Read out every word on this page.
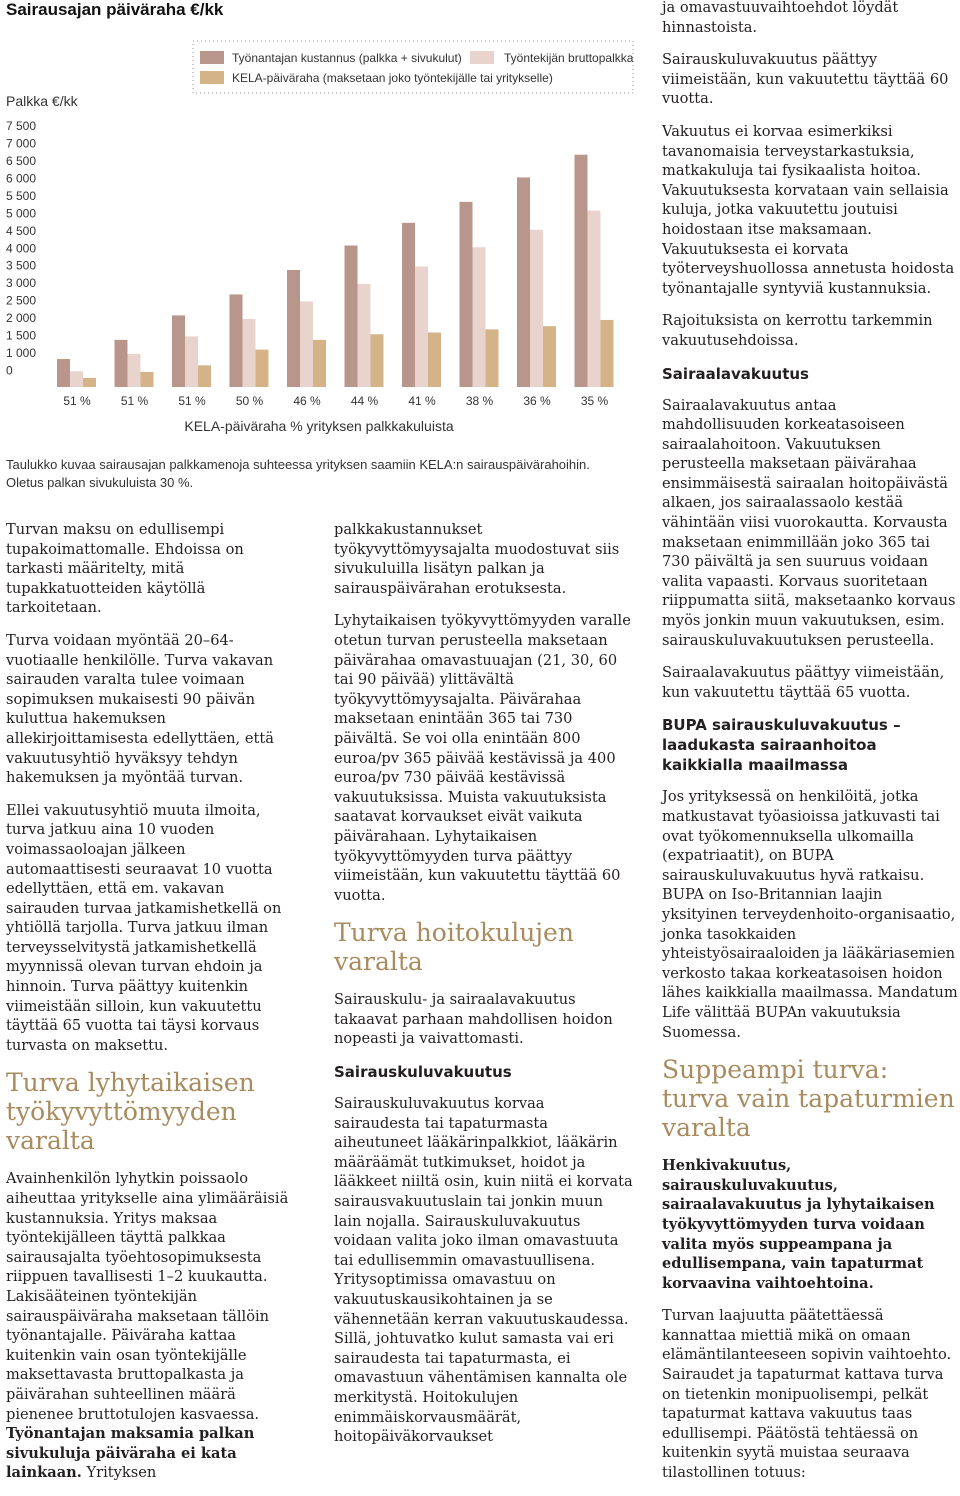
Sairausajan päiväraha €/kk
Työnantajan kustannus (palkka + sivukulut)	Työntekijän bruttopalkka
KELA-päiväraha (maksetaan joko työntekijälle tai yritykselle)
Palkka €/kk
7 500
7 000
6 500
6 000
5 500
5 000
4 500
4 000
3 500
3 000
2 500
2 000
1 500
1 000
0
51 %	51 %	51 %	50 %	46 %	44 %	41 %	38 %	36 %	35 %
KELA-päiväraha % yrityksen palkkakuluista
Taulukko kuvaa sairausajan palkkamenoja suhteessa yrityksen saamiin KELA:n sairauspäivärahoihin.
Oletus palkan sivukuluista 30 %.

Turvan maksu on edullisempi tupakoimattomalle. Ehdoissa on tarkasti määritelty, mitä tupakkatuotteiden käytöllä tarkoitetaan.

Turva voidaan myöntää 20–64-vuotiaalle henkilölle. Turva vakavan sairauden varalta tulee voimaan sopimuksen mukaisesti 90 päivän kuluttua hakemuksen allekirjoittamisesta edellyttäen, että vakuutusyhtiö hyväksyy tehdyn hakemuksen ja myöntää turvan.

Ellei vakuutusyhtiö muuta ilmoita, turva jatkuu aina 10 vuoden voimassaoloajan jälkeen automaattisesti seuraavat 10 vuotta edellyttäen, että em. vakavan sairauden turvaa jatkamishetkellä on yhtiöllä tarjolla. Turva jatkuu ilman terveysselvitystä jatkamishetkellä myynnissä olevan turvan ehdoin ja hinnoin. Turva päättyy kuitenkin viimeistään silloin, kun vakuutettu täyttää 65 vuotta tai täysi korvaus turvasta on maksettu.

Turva lyhytaikaisen työkyvyttömyyden varalta

Avainhenkilön lyhytkin poissaolo aiheuttaa yritykselle aina ylimääräisiä kustannuksia. Yritys maksaa työntekijälleen täyttä palkkaa sairausajalta työehtosopimuksesta riippuen tavallisesti 1–2 kuukautta. Lakisääteinen työntekijän sairauspäiväraha maksetaan tällöin työnantajalle. Päiväraha kattaa kuitenkin vain osan työntekijälle maksettavasta bruttopalkasta ja päivärahan suhteellinen määrä pienenee bruttotulojen kasvaessa. Työnantajan maksamia palkan sivukuluja päiväraha ei kata lainkaan. Yrityksen

palkkakustannukset työkyvyttömyysajalta muodostuvat siis sivukuluilla lisätyn palkan ja sairauspäivärahan erotuksesta.

Lyhytaikaisen työkyvyttömyyden varalle otetun turvan perusteella maksetaan päivärahaa omavastuuajan (21, 30, 60 tai 90 päivää) ylittävältä työkyvyttömyysajalta. Päivärahaa maksetaan enintään 365 tai 730 päivältä. Se voi olla enintään 800 euroa/pv 365 päivää kestävissä ja 400 euroa/pv 730 päivää kestävissä vakuutuksissa. Muista vakuutuksista saatavat korvaukset eivät vaikuta päivärahaan. Lyhytaikaisen työkyvyttömyyden turva päättyy viimeistään, kun vakuutettu täyttää 60 vuotta.

Turva hoitokulujen varalta

Sairauskulu- ja sairaalavakuutus takaavat parhaan mahdollisen hoidon nopeasti ja vaivattomasti.

Sairauskuluvakuutus

Sairauskuluvakuutus korvaa sairaudesta tai tapaturmasta aiheutuneet lääkärinpalkkiot, lääkärin määräämät tutkimukset, hoidot ja lääkkeet niiltä osin, kuin niitä ei korvata sairausvakuutuslain tai jonkin muun lain nojalla. Sairauskuluvakuutus voidaan valita joko ilman omavastuuta tai edullisemmin omavastuullisena. Yritysoptimissa omavastuu on vakuutuskausikohtainen ja se vähennetään kerran vakuutuskaudessa. Sillä, johtuvatko kulut samasta vai eri sairaudesta tai tapaturmasta, ei omavastuun vähentämisen kannalta ole merkitystä. Hoitokulujen enimmäiskorvausmäärät, hoitopäiväkorvaukset

ja omavastuuvaihtoehdot löydät hinnastoista.

Sairauskuluvakuutus päättyy viimeistään, kun vakuutettu täyttää 60 vuotta.

Vakuutus ei korvaa esimerkiksi tavanomaisia terveystarkastuksia, matkakuluja tai fysikaalista hoitoa. Vakuutuksesta korvataan vain sellaisia kuluja, jotka vakuutettu joutuisi hoidostaan itse maksamaan. Vakuutuksesta ei korvata työterveyshuollossa annetusta hoidosta työnantajalle syntyviä kustannuksia.

Rajoituksista on kerrottu tarkemmin vakuutusehdoissa.

Sairaalavakuutus

Sairaalavakuutus antaa mahdollisuuden korkeatasoiseen sairaalahoitoon. Vakuutuksen perusteella maksetaan päivärahaa ensimmäisestä sairaalan hoitopäivästä alkaen, jos sairaalassaolo kestää vähintään viisi vuorokautta. Korvausta maksetaan enimmillään joko 365 tai 730 päivältä ja sen suuruus voidaan valita vapaasti. Korvaus suoritetaan riippumatta siitä, maksetaanko korvaus myös jonkin muun vakuutuksen, esim. sairauskuluvakuutuksen perusteella.

Sairaalavakuutus päättyy viimeistään, kun vakuutettu täyttää 65 vuotta.

BUPA sairauskuluvakuutus – laadukasta sairaanhoitoa kaikkialla maailmassa

Jos yrityksessä on henkilöitä, jotka matkustavat työasioissa jatkuvasti tai ovat työkomennuksella ulkomailla (expatriaatit), on BUPA sairauskuluvakuutus hyvä ratkaisu. BUPA on Iso-Britannian laajin yksityinen terveydenhoito-organisaatio, jonka tasokkaiden yhteistyösairaaloiden ja lääkäriasemien verkosto takaa korkeatasoisen hoidon lähes kaikkialla maailmassa. Mandatum Life välittää BUPAn vakuutuksia Suomessa.

Suppeampi turva: turva vain tapaturmien varalta

Henkivakuutus, sairauskuluvakuutus, sairaalavakuutus ja lyhytaikaisen työkyvyttömyyden turva voidaan valita myös suppeampana ja edullisempana, vain tapaturmat korvaavina vaihtoehtoina.

Turvan laajuutta päätettäessä kannattaa miettiä mikä on omaan elämäntilanteeseen sopivin vaihtoehto. Sairaudet ja tapaturmat kattava turva on tietenkin monipuolisempi, pelkät tapaturmat kattava vakuutus taas edullisempi. Päätöstä tehtäessä on kuitenkin syytä muistaa seuraava tilastollinen totuus:
